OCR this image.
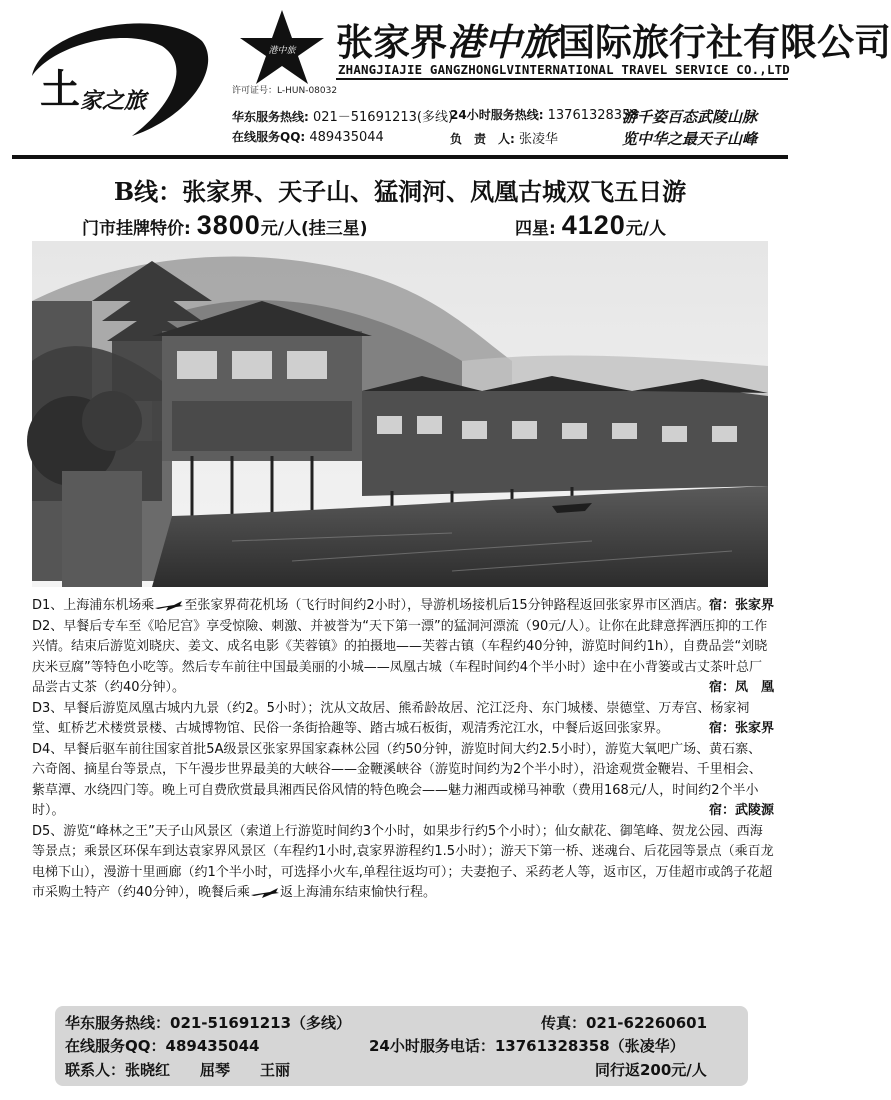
土家之旅
港中旅
许可证号：L-HUN-08032
张家界港中旅国际旅行社有限公司
ZHANGJIAJIE GANGZHONGLVINTERNATIONAL TRAVEL SERVICE CO.,LTD
华东服务热线: 021－51691213(多线)
在线服务QQ: 489435044
24小时服务热线: 13761328358
负　责　人: 张凌华
游千姿百态武陵山脉
览中华之最天子山峰
B线：张家界、天子山、猛洞河、凤凰古城双飞五日游
门市挂牌特价: 3800元/人(挂三星)	四星: 4120元/人
D1、上海浦东机场乘 至张家界荷花机场（飞行时间约2小时），导游机场接机后15分钟路程返回张家界市区酒店。 宿：张家界
D2、早餐后专车至《哈尼宫》享受惊險、刺激、并被誉为“天下第一漂”的猛洞河漂流（90元/人）。让你在此肆意挥洒压抑的工作兴情。结束后游览刘晓庆、姜文、成名电影《芙蓉镇》的拍摄地——芙蓉古镇（车程约40分钟，游览时间约1h），自费品尝“刘晓庆米豆腐”等特色小吃等。然后专车前往中国最美丽的小城——凤凰古城（车程时间约4个半小时）途中在小背篓或古丈茶叶总厂品尝古丈茶（约40分钟）。	宿：凤　凰
D3、早餐后游览凤凰古城内九景（约2。5小时）；沈从文故居、熊希龄故居、沱江泛舟、东门城楼、崇德堂、万寿宫、杨家祠堂、虹桥艺术楼赏景楼、古城博物馆、民俗一条街拾趣等、踏古城石板街，观清秀沱江水，中餐后返回张家界。	宿：张家界
D4、早餐后驱车前往国家首批5A级景区张家界国家森林公园（约50分钟，游览时间大约2.5小时），游览大氧吧广场、黄石寨、六奇阁、摘星台等景点，下午漫步世界最美的大峡谷——金鞭溪峡谷（游览时间约为2个半小时），沿途观赏金鞭岩、千里相会、紫草潭、水绕四门等。晚上可自费欣赏最具湘西民俗风情的特色晚会——魅力湘西或梯马神歌（费用168元/人，时间约2个半小时）。	宿：武陵源
D5、游览“峰林之王”天子山风景区（索道上行游览时间约3个小时，如果步行约5个小时）；仙女献花、御笔峰、贺龙公园、西海等景点；乘景区环保车到达袁家界风景区（车程约1小时,袁家界游程约1.5小时）；游天下第一桥、迷魂台、后花园等景点（乘百龙电梯下山），漫游十里画廊（约1个半小时，可选择小火车,单程往返均可）；夫妻抱子、采药老人等，返市区，万佳超市或鸽子花超市采购土特产（约40分钟），晚餐后乘 返上海浦东结束愉快行程。
华东服务热线：021-51691213（多线）	传真：021-62260601
在线服务QQ：489435044	24小时服务电话：13761328358（张凌华）
联系人：张晓红　　屈琴　　王丽	同行返200元/人
